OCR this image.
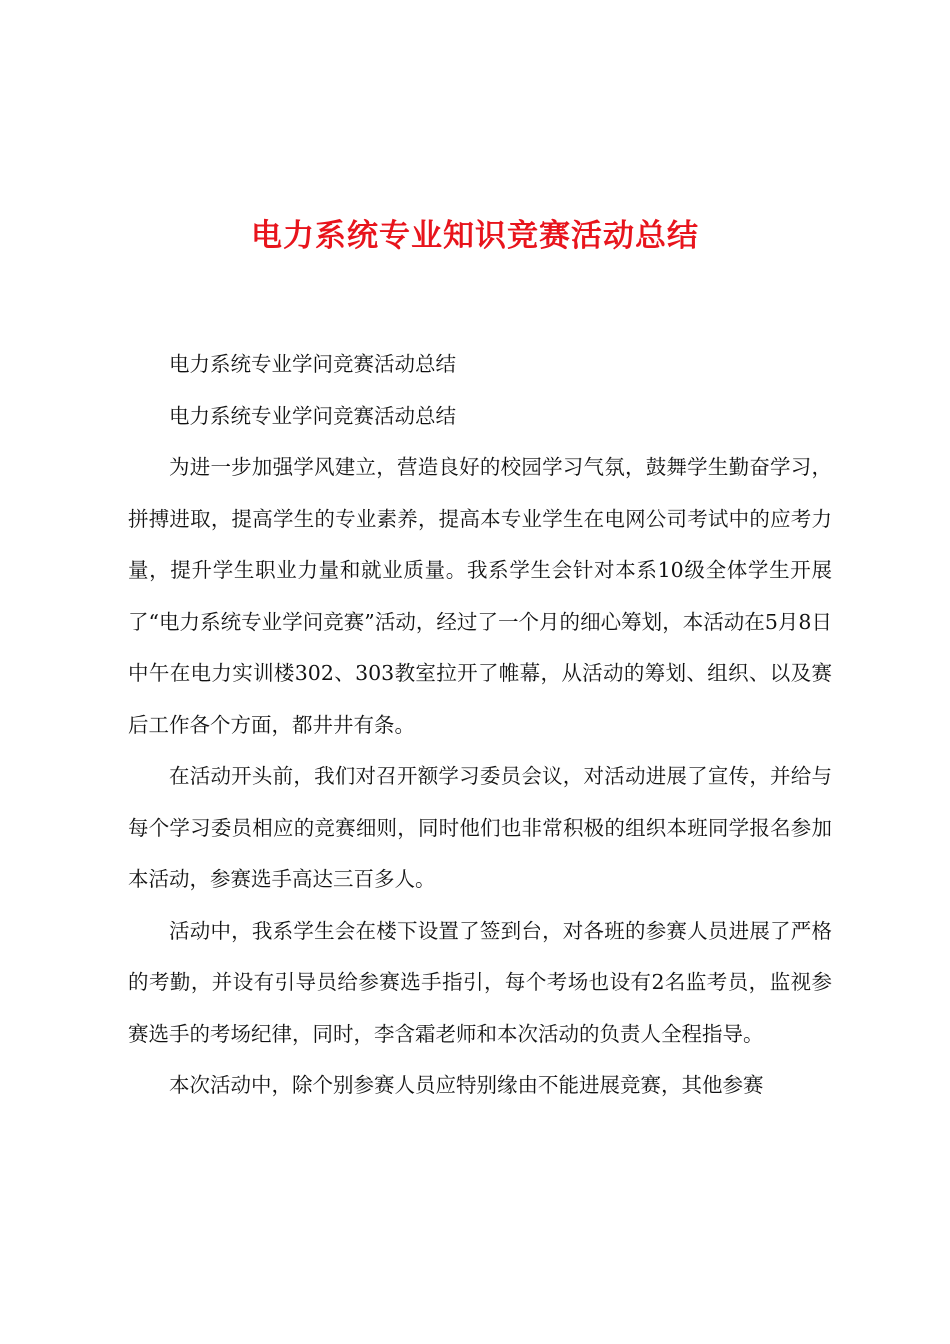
电力系统专业知识竞赛活动总结

电力系统专业学问竞赛活动总结

电力系统专业学问竞赛活动总结

为进一步加强学风建立，营造良好的校园学习气氛，鼓舞学生勤奋学习，拼搏进取，提高学生的专业素养，提高本专业学生在电网公司考试中的应考力量，提升学生职业力量和就业质量。我系学生会针对本系10级全体学生开展了“电力系统专业学问竞赛”活动，经过了一个月的细心筹划，本活动在5月8日中午在电力实训楼302、303教室拉开了帷幕，从活动的筹划、组织、以及赛后工作各个方面，都井井有条。

在活动开头前，我们对召开额学习委员会议，对活动进展了宣传，并给与每个学习委员相应的竞赛细则，同时他们也非常积极的组织本班同学报名参加本活动，参赛选手高达三百多人。

活动中，我系学生会在楼下设置了签到台，对各班的参赛人员进展了严格的考勤，并设有引导员给参赛选手指引，每个考场也设有2名监考员，监视参赛选手的考场纪律，同时，李含霜老师和本次活动的负责人全程指导。

本次活动中，除个别参赛人员应特别缘由不能进展竞赛，其他参赛
